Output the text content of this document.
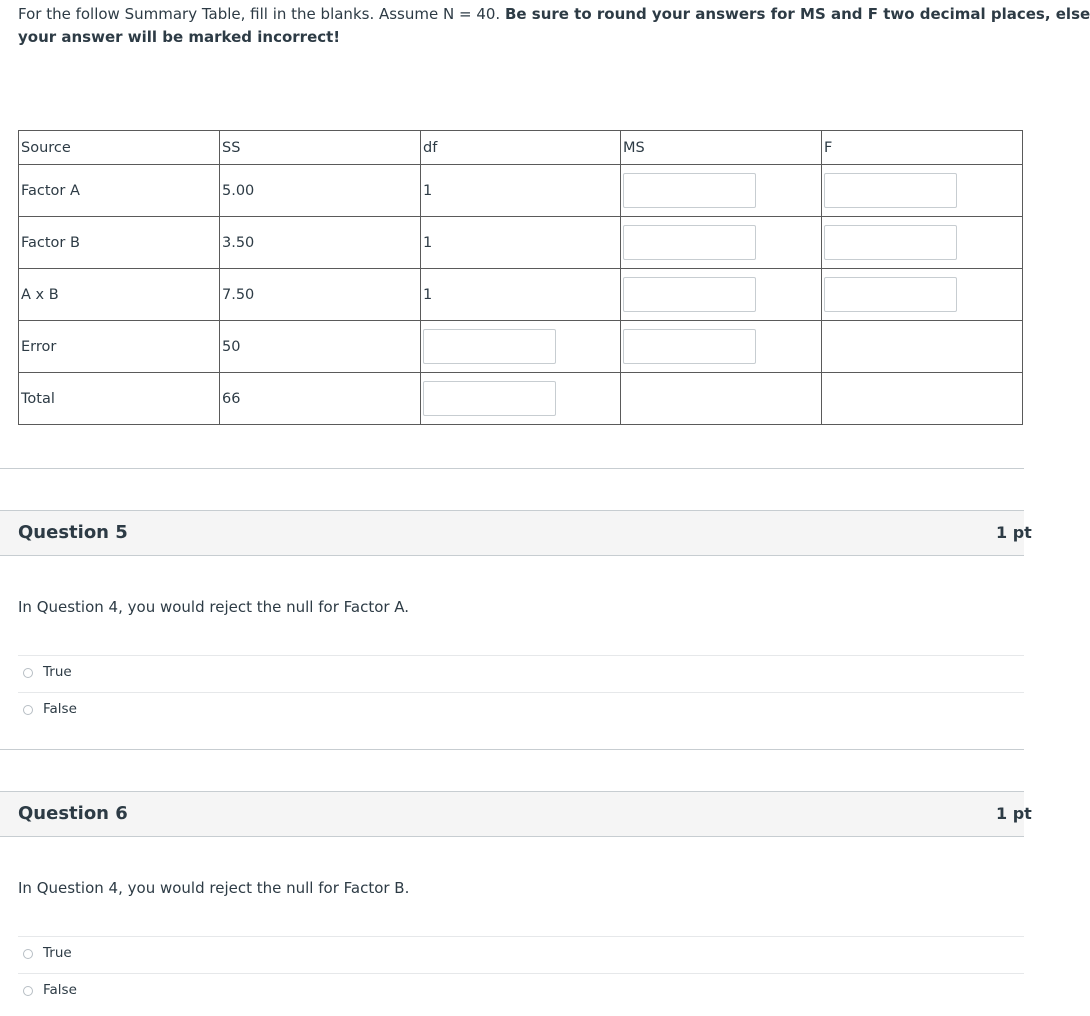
For the follow Summary Table, fill in the blanks. Assume N = 40. Be sure to round your answers for MS and F two decimal places, else
your answer will be marked incorrect!
Source	SS	df	MS	F
Factor A	5.00	1	

Factor B	3.50	1	

A x B	7.50	1	

Error	50	

Total	66	

Question 5	1 pt
In Question 4, you would reject the null for Factor A.
True
False
Question 6	1 pt
In Question 4, you would reject the null for Factor B.
True
False
